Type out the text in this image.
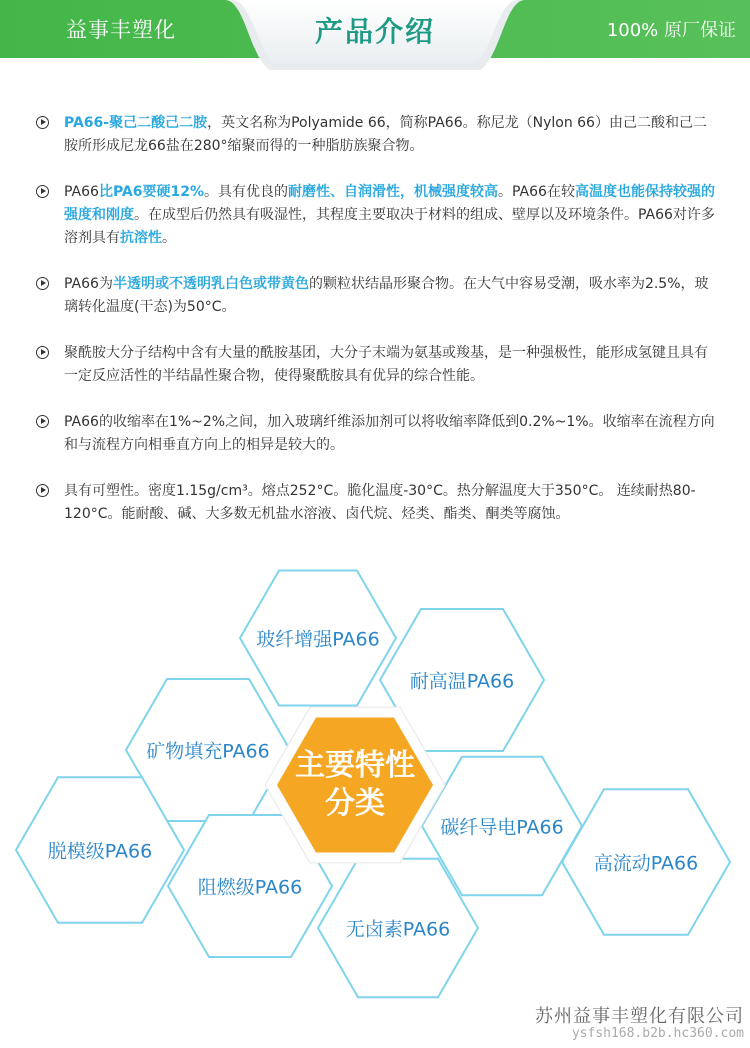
益事丰塑化	产品介绍	100% 原厂保证
PA66-聚己二酸己二胺，英文名称为Polyamide 66，简称PA66。称尼龙（Nylon 66）由己二酸和己二胺所形成尼龙66盐在280°缩聚而得的一种脂肪族聚合物。
PA66比PA6要硬12%。具有优良的耐磨性、自润滑性，机械强度较高。PA66在较高温度也能保持较强的强度和刚度。在成型后仍然具有吸湿性，其程度主要取决于材料的组成、壁厚以及环境条件。PA66对许多溶剂具有抗溶性。
PA66为半透明或不透明乳白色或带黄色的颗粒状结晶形聚合物。在大气中容易受潮，吸水率为2.5%，玻璃转化温度(干态)为50°C。
聚酰胺大分子结构中含有大量的酰胺基团，大分子末端为氨基或羧基，是一种强极性，能形成氢键且具有一定反应活性的半结晶性聚合物，使得聚酰胺具有优异的综合性能。
PA66的收缩率在1%~2%之间，加入玻璃纤维添加剂可以将收缩率降低到0.2%~1%。收缩率在流程方向和与流程方向相垂直方向上的相异是较大的。
具有可塑性。密度1.15g/cm³。熔点252°C。脆化温度-30°C。热分解温度大于350°C。 连续耐热80-120°C。能耐酸、碱、大多数无机盐水溶液、卤代烷、烃类、酯类、酮类等腐蚀。
玻纤增强PA66
耐高温PA66
矿物填充PA66
碳纤导电PA66
高流动PA66
脱模级PA66
阻燃级PA66
无卤素PA66
主要特性分类
苏州益事丰塑化有限公司
ysfsh168.b2b.hc360.com
